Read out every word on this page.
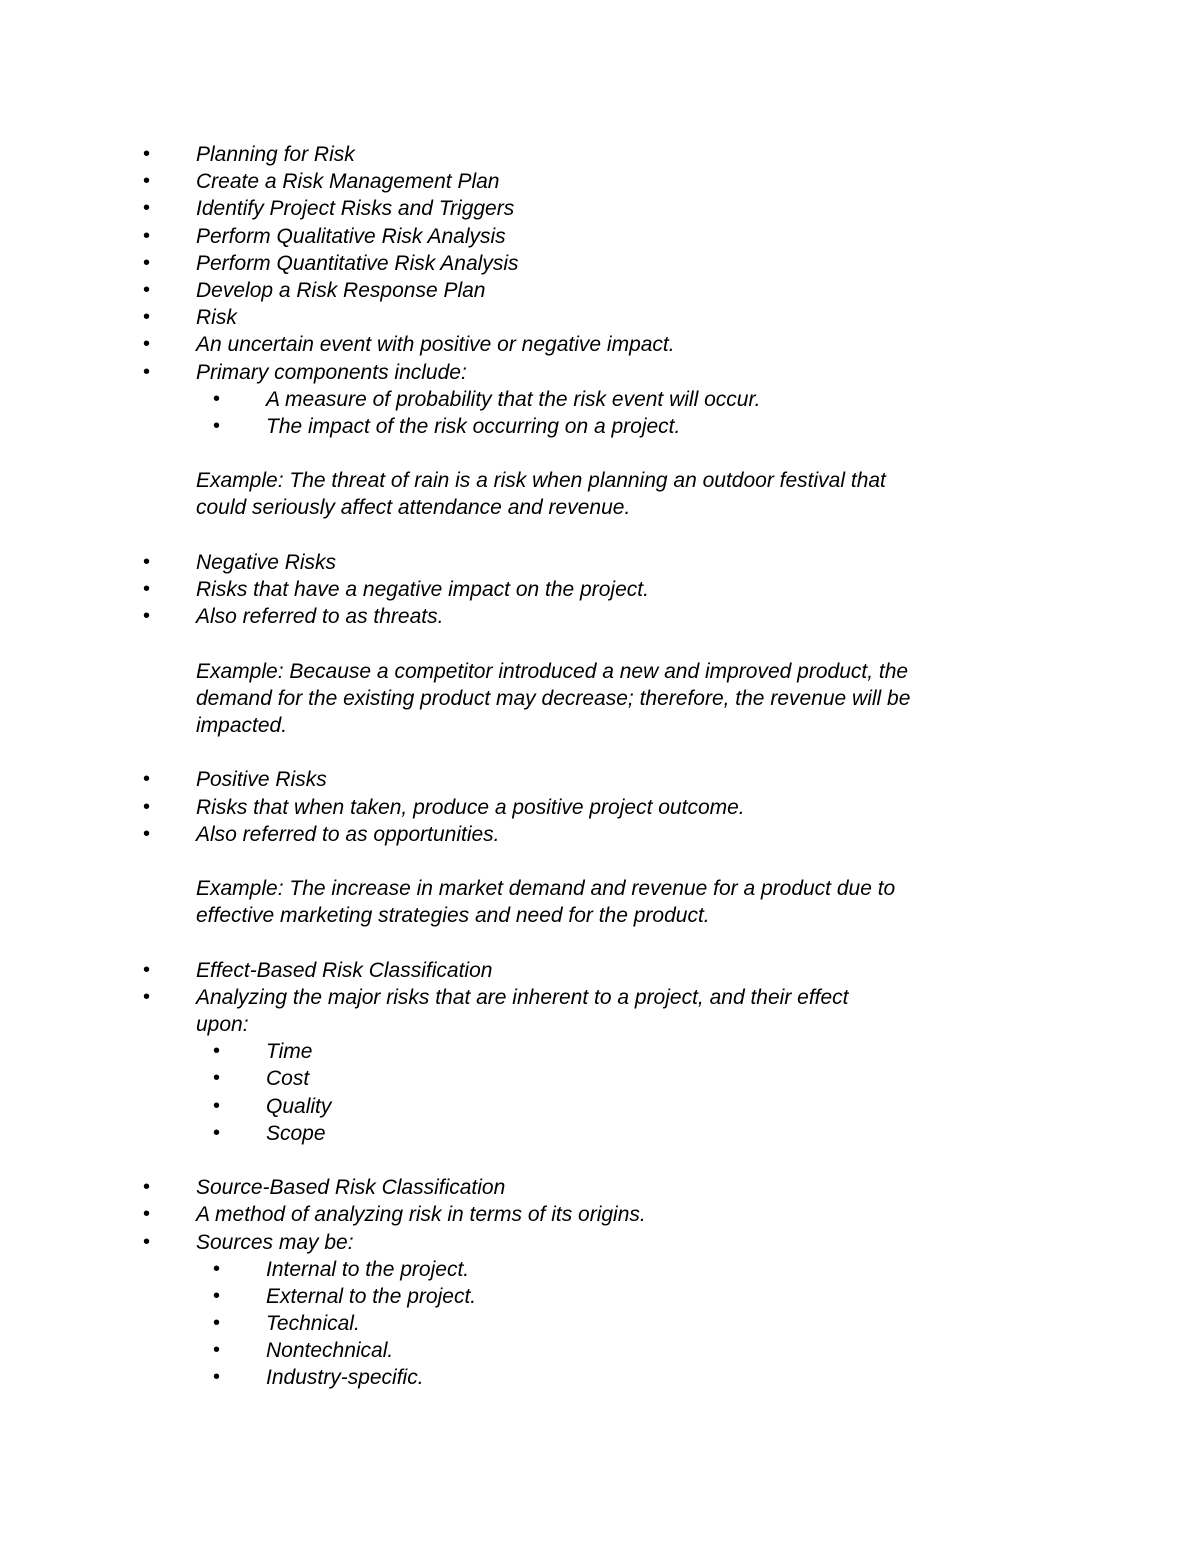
• Planning for Risk
• Create a Risk Management Plan
• Identify Project Risks and Triggers
• Perform Qualitative Risk Analysis
• Perform Quantitative Risk Analysis
• Develop a Risk Response Plan
• Risk
• An uncertain event with positive or negative impact.
• Primary components include:
• A measure of probability that the risk event will occur.
• The impact of the risk occurring on a project.
Example: The threat of rain is a risk when planning an outdoor festival that
could seriously affect attendance and revenue.
• Negative Risks
• Risks that have a negative impact on the project.
• Also referred to as threats.
Example: Because a competitor introduced a new and improved product, the
demand for the existing product may decrease; therefore, the revenue will be
impacted.
• Positive Risks
• Risks that when taken, produce a positive project outcome.
• Also referred to as opportunities.
Example: The increase in market demand and revenue for a product due to
effective marketing strategies and need for the product.
• Effect-Based Risk Classification
• Analyzing the major risks that are inherent to a project, and their effect
upon:
• Time
• Cost
• Quality
• Scope
• Source-Based Risk Classification
• A method of analyzing risk in terms of its origins.
• Sources may be:
• Internal to the project.
• External to the project.
• Technical.
• Nontechnical.
• Industry-specific.
